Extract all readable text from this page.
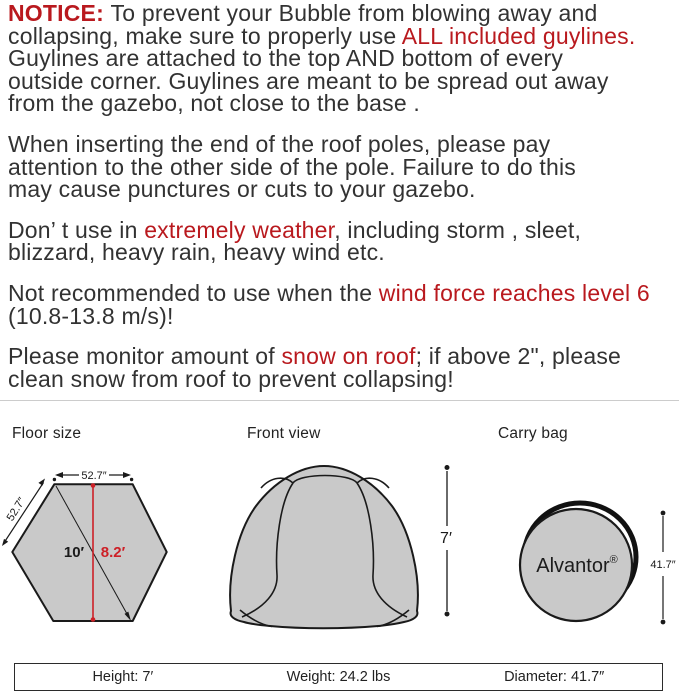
NOTICE: To prevent your Bubble from blowing away and
collapsing, make sure to properly use ALL included guylines.
Guylines are attached to the top AND bottom of every
outside corner. Guylines are meant to be spread out away
from the gazebo, not close to the base .
When inserting the end of the roof poles, please pay
attention to the other side of the pole. Failure to do this
may cause punctures or cuts to your gazebo.
Don’ t use in extremely weather, including storm , sleet,
blizzard, heavy rain, heavy wind etc.
Not recommended to use when the wind force reaches level 6
(10.8-13.8 m/s)!
Please monitor amount of snow on roof; if above 2", please
clean snow from roof to prevent collapsing!
Floor size	Front view	Carry bag
52.7″
52.7″
10′ 8.2′
7′
Alvantor®	41.7″
Height: 7′	Weight: 24.2 lbs	Diameter: 41.7″
